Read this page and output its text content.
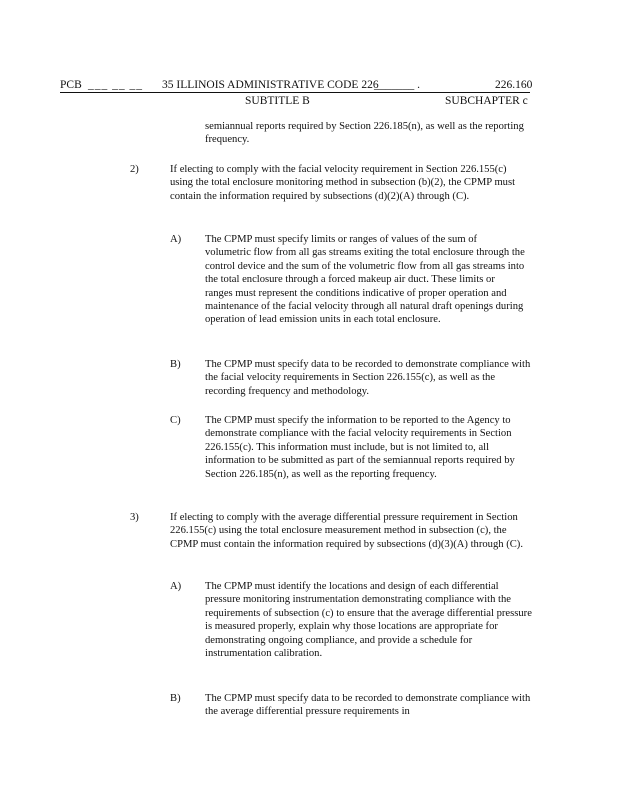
PCB ___ __ __ 35 ILLINOIS ADMINISTRATIVE CODE 226
_______ .	226.160
SUBTITLE B	SUBCHAPTER c
semiannual reports required by Section 226.185(n), as well as the reporting frequency.
2)	If electing to comply with the facial velocity requirement in Section 226.155(c) using the total enclosure monitoring method in subsection (b)(2), the CPMP must contain the information required by subsections (d)(2)(A) through (C).
A) The CPMP must specify limits or ranges of values of the sum of volumetric flow from all gas streams exiting the total enclosure through the control device and the sum of the volumetric flow from all gas streams into the total enclosure through a forced makeup air duct. These limits or ranges must represent the conditions indicative of proper operation and maintenance of the facial velocity through all natural draft openings during operation of lead emission units in each total enclosure.
B) The CPMP must specify data to be recorded to demonstrate compliance with the facial velocity requirements in Section 226.155(c), as well as the recording frequency and methodology.
C) The CPMP must specify the information to be reported to the Agency to demonstrate compliance with the facial velocity requirements in Section 226.155(c). This information must include, but is not limited to, all information to be submitted as part of the semiannual reports required by Section 226.185(n), as well as the reporting frequency.
3)	If electing to comply with the average differential pressure requirement in Section 226.155(c) using the total enclosure measurement method in subsection (c), the CPMP must contain the information required by subsections (d)(3)(A) through (C).
A) The CPMP must identify the locations and design of each differential pressure monitoring instrumentation demonstrating compliance with the requirements of subsection (c) to ensure that the average differential pressure is measured properly, explain why those locations are appropriate for demonstrating ongoing compliance, and provide a schedule for instrumentation calibration.
B) The CPMP must specify data to be recorded to demonstrate compliance with the average differential pressure requirements in
